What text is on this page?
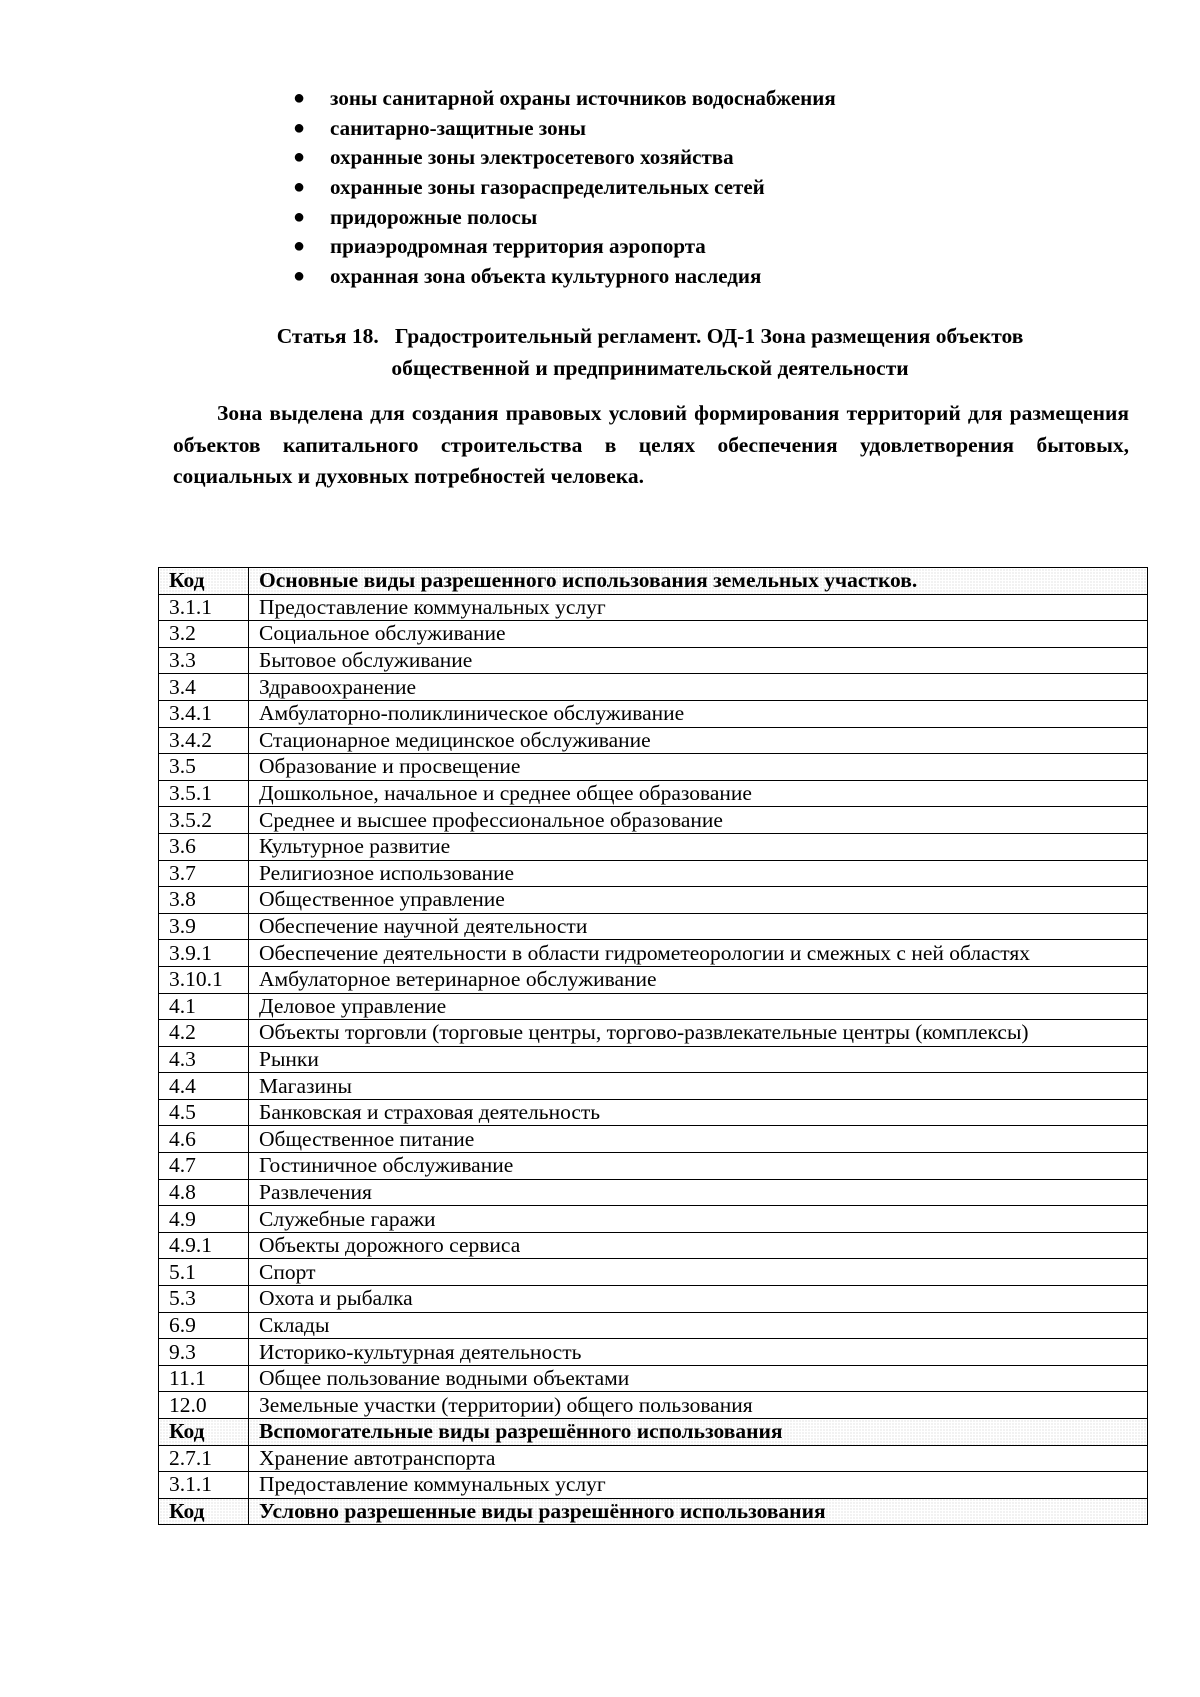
● зоны санитарной охраны источников водоснабжения
● санитарно-защитные зоны
● охранные зоны электросетевого хозяйства
● охранные зоны газораспределительных сетей
● придорожные полосы
● приаэродромная территория аэропорта
● охранная зона объекта культурного наследия
Статья 18.   Градостроительный регламент. ОД-1 Зона размещения объектов
общественной и предпринимательской деятельности

Зона выделена для создания правовых условий формирования территорий для размещения объектов капитального строительства в целях обеспечения удовлетворения бытовых, социальных и духовных потребностей человека.

Код	Основные виды разрешенного использования земельных участков.
3.1.1	Предоставление коммунальных услуг
3.2	Социальное обслуживание
3.3	Бытовое обслуживание
3.4	Здравоохранение
3.4.1	Амбулаторно-поликлиническое обслуживание
3.4.2	Стационарное медицинское обслуживание
3.5	Образование и просвещение
3.5.1	Дошкольное, начальное и среднее общее образование
3.5.2	Среднее и высшее профессиональное образование
3.6	Культурное развитие
3.7	Религиозное использование
3.8	Общественное управление
3.9	Обеспечение научной деятельности
3.9.1	Обеспечение деятельности в области гидрометеорологии и смежных с ней областях
3.10.1	Амбулаторное ветеринарное обслуживание
4.1	Деловое управление
4.2	Объекты торговли (торговые центры, торгово-развлекательные центры (комплексы)
4.3	Рынки
4.4	Магазины
4.5	Банковская и страховая деятельность
4.6	Общественное питание
4.7	Гостиничное обслуживание
4.8	Развлечения
4.9	Служебные гаражи
4.9.1	Объекты дорожного сервиса
5.1	Спорт
5.3	Охота и рыбалка
6.9	Склады
9.3	Историко-культурная деятельность
11.1	Общее пользование водными объектами
12.0	Земельные участки (территории) общего пользования
Код	Вспомогательные виды разрешённого использования
2.7.1	Хранение автотранспорта
3.1.1	Предоставление коммунальных услуг
Код	Условно разрешенные виды разрешённого использования
